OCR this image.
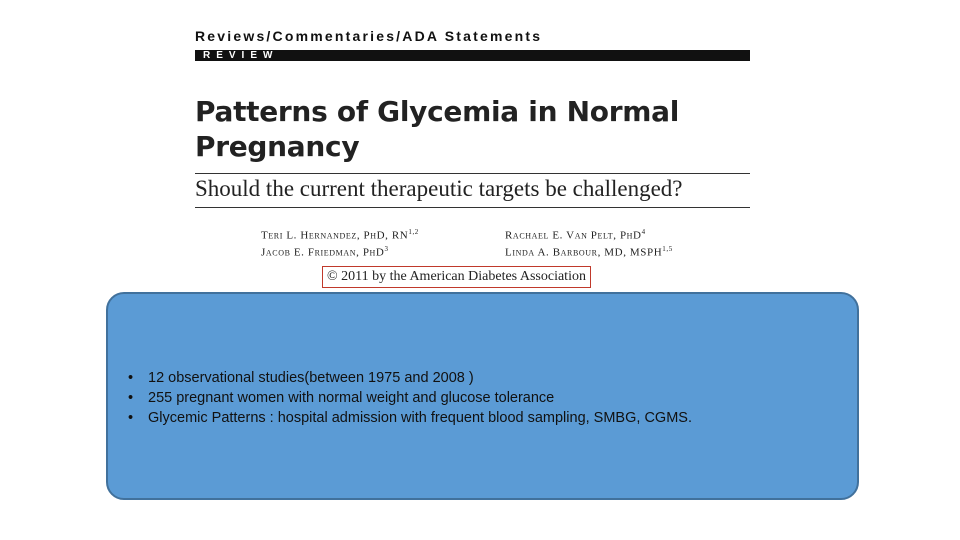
Reviews/Commentaries/ADA Statements
REVIEW
Patterns of Glycemia in Normal Pregnancy
Should the current therapeutic targets be challenged?
Teri L. Hernandez, PhD, RN$^{1,2}$
Jacob E. Friedman, PhD$^3$
Rachael E. Van Pelt, PhD$^4$
Linda A. Barbour, MD, MSPH$^{1,5}$
© 2011 by the American Diabetes Association
•	12 observational studies(between 1975 and 2008 )
•	255 pregnant women with normal weight and glucose tolerance
•	Glycemic Patterns : hospital admission with frequent blood sampling, SMBG, CGMS.
